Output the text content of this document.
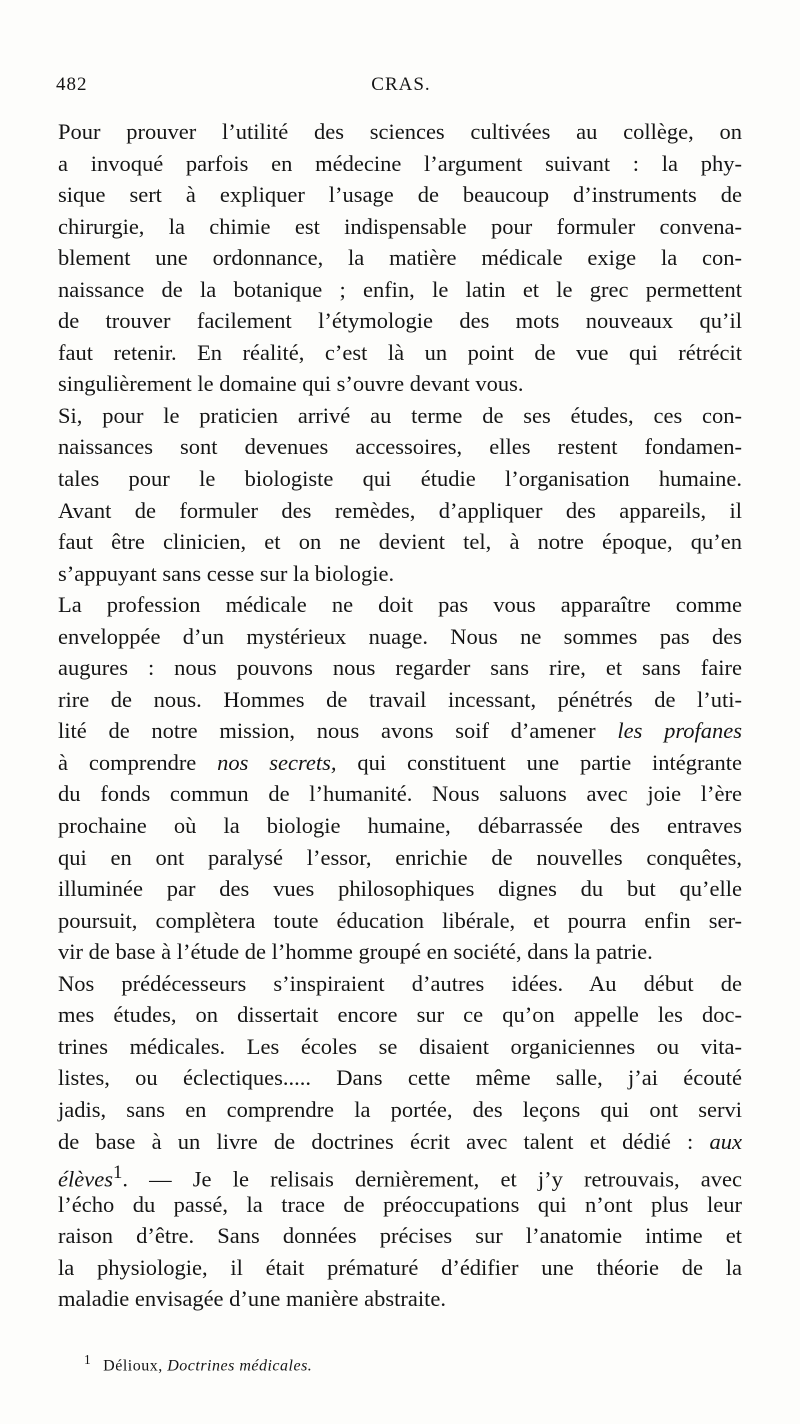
482	CRAS.
Pour prouver l’utilité des sciences cultivées au collège, on
a invoqué parfois en médecine l’argument suivant : la phy-
sique sert à expliquer l’usage de beaucoup d’instruments de
chirurgie, la chimie est indispensable pour formuler convena-
blement une ordonnance, la matière médicale exige la con-
naissance de la botanique ; enfin, le latin et le grec permettent
de trouver facilement l’étymologie des mots nouveaux qu’il
faut retenir. En réalité, c’est là un point de vue qui rétrécit
singulièrement le domaine qui s’ouvre devant vous.
Si, pour le praticien arrivé au terme de ses études, ces con-
naissances sont devenues accessoires, elles restent fondamen-
tales pour le biologiste qui étudie l’organisation humaine.
Avant de formuler des remèdes, d’appliquer des appareils, il
faut être clinicien, et on ne devient tel, à notre époque, qu’en
s’appuyant sans cesse sur la biologie.
La profession médicale ne doit pas vous apparaître comme
enveloppée d’un mystérieux nuage. Nous ne sommes pas des
augures : nous pouvons nous regarder sans rire, et sans faire
rire de nous. Hommes de travail incessant, pénétrés de l’uti-
lité de notre mission, nous avons soif d’amener les profanes
à comprendre nos secrets, qui constituent une partie intégrante
du fonds commun de l’humanité. Nous saluons avec joie l’ère
prochaine où la biologie humaine, débarrassée des entraves
qui en ont paralysé l’essor, enrichie de nouvelles conquêtes,
illuminée par des vues philosophiques dignes du but qu’elle
poursuit, complètera toute éducation libérale, et pourra enfin ser-
vir de base à l’étude de l’homme groupé en société, dans la patrie.
Nos prédécesseurs s’inspiraient d’autres idées. Au début de
mes études, on dissertait encore sur ce qu’on appelle les doc-
trines médicales. Les écoles se disaient organiciennes ou vita-
listes, ou éclectiques..... Dans cette même salle, j’ai écouté
jadis, sans en comprendre la portée, des leçons qui ont servi
de base à un livre de doctrines écrit avec talent et dédié : aux
élèves$^1$. — Je le relisais dernièrement, et j’y retrouvais, avec
l’écho du passé, la trace de préoccupations qui n’ont plus leur
raison d’être. Sans données précises sur l’anatomie intime et
la physiologie, il était prématuré d’édifier une théorie de la
maladie envisagée d’une manière abstraite.
$^1$ Délioux, Doctrines médicales.
